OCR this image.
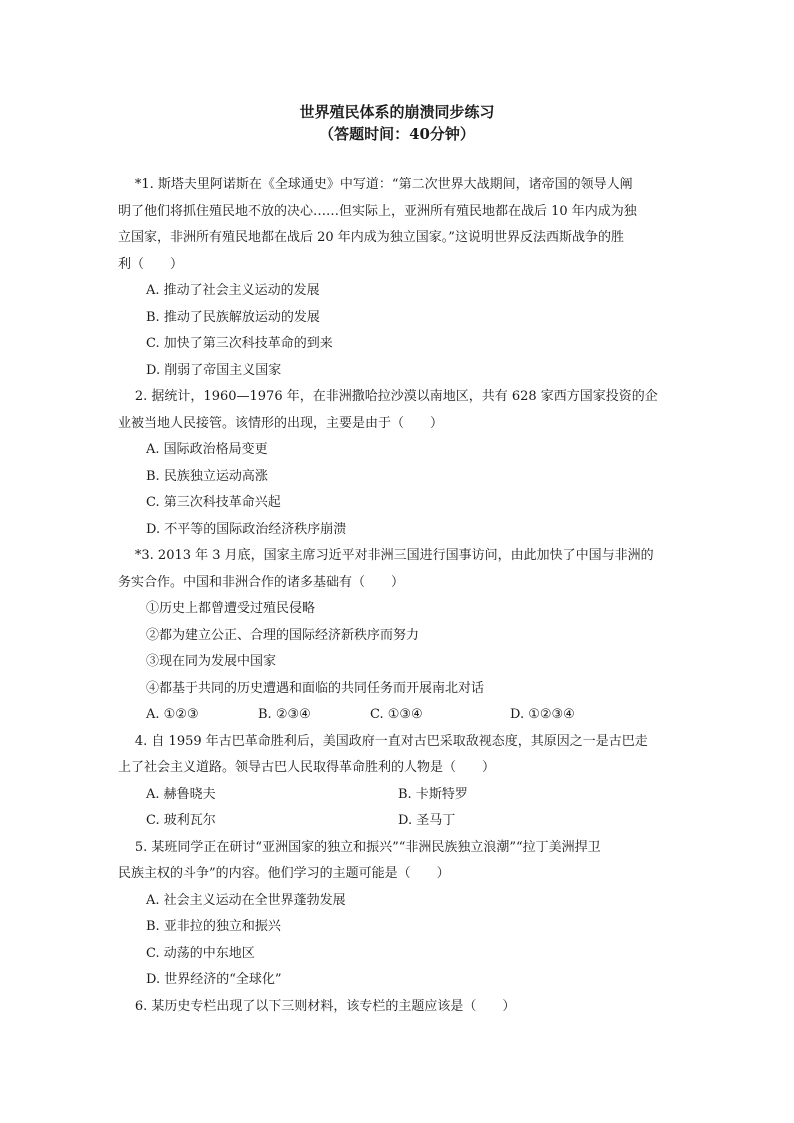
世界殖民体系的崩溃同步练习
（答题时间：40分钟）
*1. 斯塔夫里阿诺斯在《全球通史》中写道：“第二次世界大战期间，诸帝国的领导人阐
明了他们将抓住殖民地不放的决心……但实际上，亚洲所有殖民地都在战后 10 年内成为独
立国家，非洲所有殖民地都在战后 20 年内成为独立国家。”这说明世界反法西斯战争的胜
利（　　）
A. 推动了社会主义运动的发展
B. 推动了民族解放运动的发展
C. 加快了第三次科技革命的到来
D. 削弱了帝国主义国家
2. 据统计，1960—1976 年，在非洲撒哈拉沙漠以南地区，共有 628 家西方国家投资的企
业被当地人民接管。该情形的出现，主要是由于（　　）
A. 国际政治格局变更
B. 民族独立运动高涨
C. 第三次科技革命兴起
D. 不平等的国际政治经济秩序崩溃
*3. 2013 年 3 月底，国家主席习近平对非洲三国进行国事访问，由此加快了中国与非洲的
务实合作。中国和非洲合作的诸多基础有（　　）
①历史上都曾遭受过殖民侵略
②都为建立公正、合理的国际经济新秩序而努力
③现在同为发展中国家
④都基于共同的历史遭遇和面临的共同任务而开展南北对话
A. ①②③	B. ②③④	C. ①③④	D. ①②③④
4. 自 1959 年古巴革命胜利后，美国政府一直对古巴采取敌视态度，其原因之一是古巴走
上了社会主义道路。领导古巴人民取得革命胜利的人物是（　　）
A. 赫鲁晓夫	B. 卡斯特罗
C. 玻利瓦尔	D. 圣马丁
5. 某班同学正在研讨“亚洲国家的独立和振兴”“非洲民族独立浪潮”“拉丁美洲捍卫
民族主权的斗争”的内容。他们学习的主题可能是（　　）
A. 社会主义运动在全世界蓬勃发展
B. 亚非拉的独立和振兴
C. 动荡的中东地区
D. 世界经济的“全球化”
6. 某历史专栏出现了以下三则材料，该专栏的主题应该是（　　）
